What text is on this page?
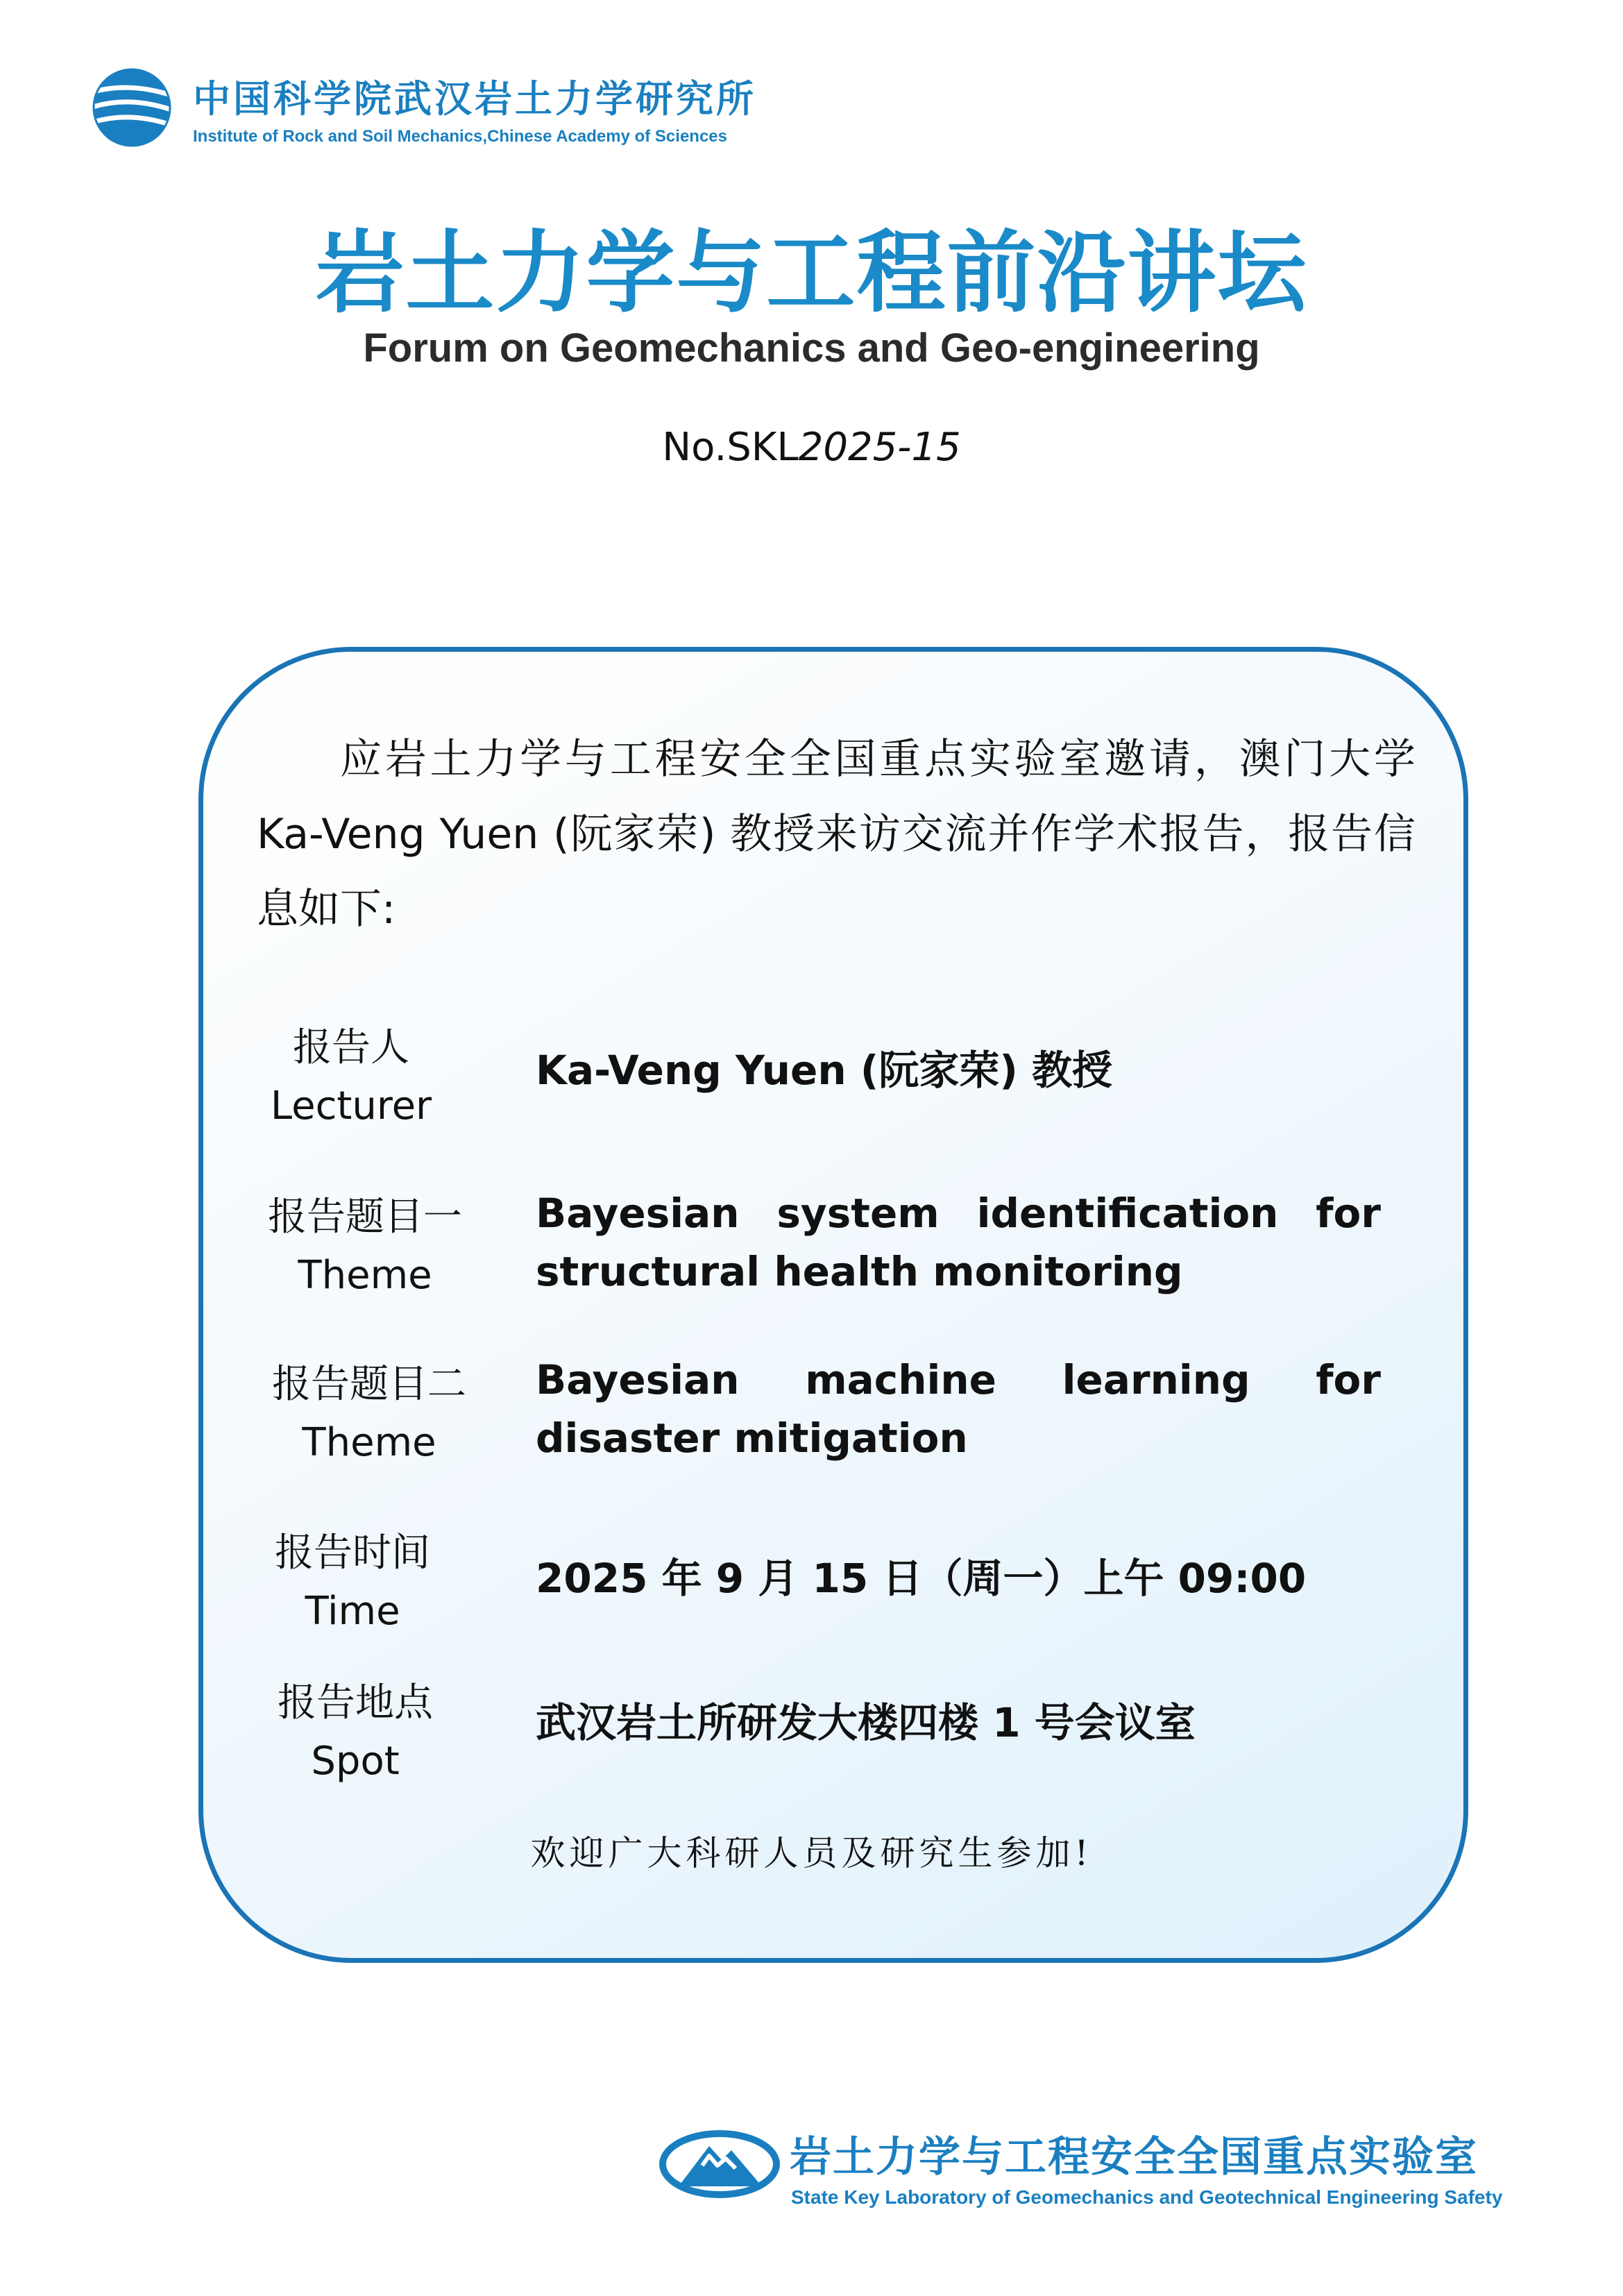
中国科学院武汉岩土力学研究所
Institute of Rock and Soil Mechanics,Chinese Academy of Sciences
岩土力学与工程前沿讲坛
Forum on Geomechanics and Geo-engineering
No.SKL2025-15
应岩土力学与工程安全全国重点实验室邀请，澳门大学 Ka-Veng Yuen (阮家荣) 教授来访交流并作学术报告，报告信息如下:
报告人
Lecturer
Ka-Veng Yuen (阮家荣) 教授
报告题目一
Theme
Bayesian system identification for structural health monitoring
报告题目二
Theme
Bayesian machine learning for disaster mitigation
报告时间
Time
2025 年 9 月 15 日（周一）上午 09:00
报告地点
Spot
武汉岩土所研发大楼四楼 1 号会议室
欢迎广大科研人员及研究生参加!
岩土力学与工程安全全国重点实验室
State Key Laboratory of Geomechanics and Geotechnical Engineering Safety
